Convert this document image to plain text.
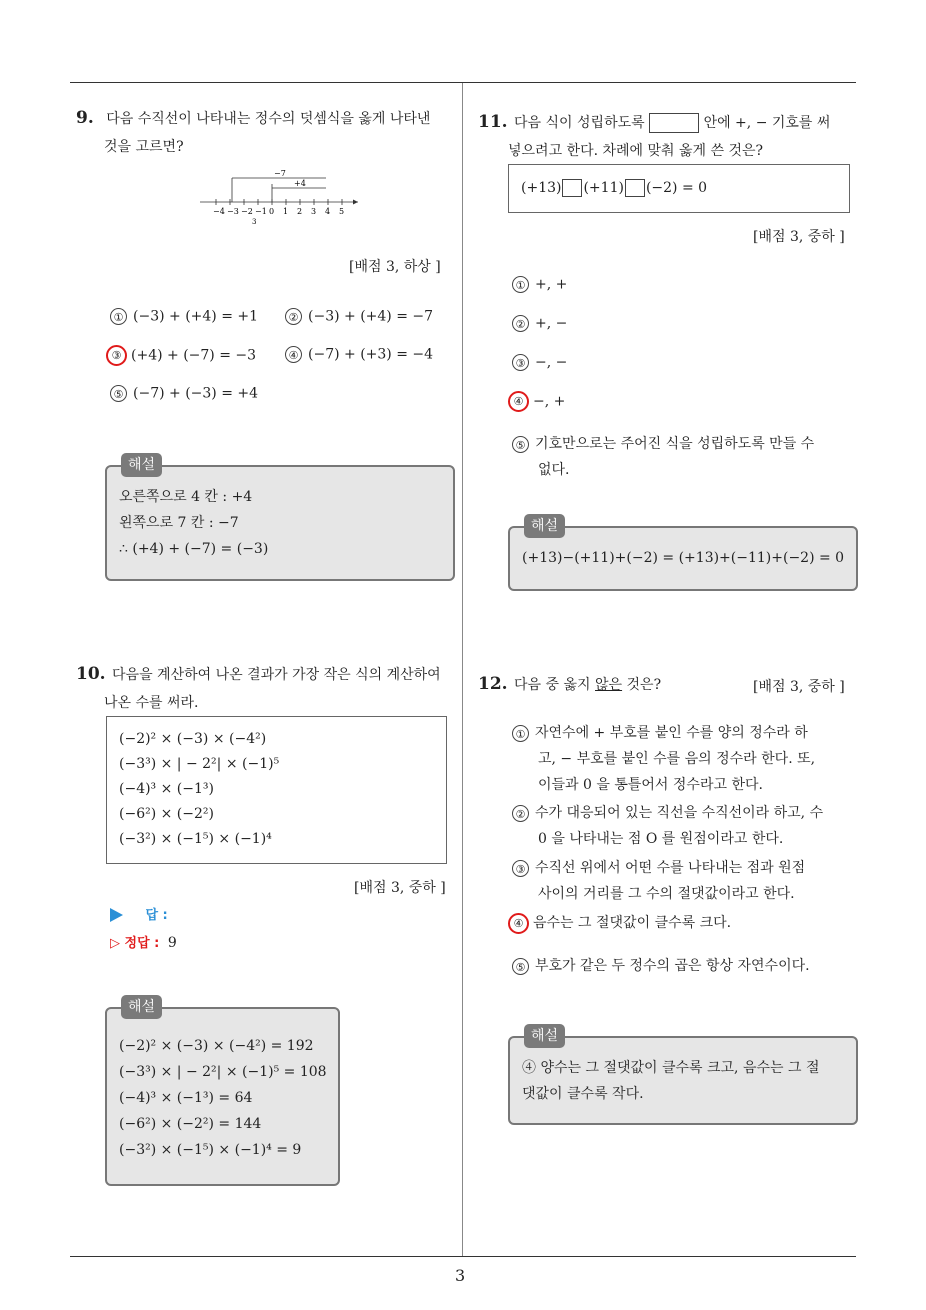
3
9. 다음 수직선이 나타내는 정수의 덧셈식을 옳게 나타낸
것을 고르면?
−7
+4
−4 −3 −2 −1 0 1 2 3 4 5
3
[배점 3, 하상 ]
① (−3) + (+4) = +1	② (−3) + (+4) = −7
③ (+4) + (−7) = −3	④ (−7) + (+3) = −4
⑤ (−7) + (−3) = +4
해설
오른쪽으로 4 칸 : +4
왼쪽으로 7 칸 : −7
∴ (+4) + (−7) = (−3)
10. 다음을 계산하여 나온 결과가 가장 작은 식의 계산하여
나온 수를 써라.
(−2)² × (−3) × (−4²)
(−3³) × | − 2²| × (−1)⁵
(−4)³ × (−1³)
(−6²) × (−2²)
(−3²) × (−1⁵) × (−1)⁴
[배점 3, 중하 ]
답 :
▷ 정답 : 9
해설
(−2)² × (−3) × (−4²) = 192
(−3³) × | − 2²| × (−1)⁵ = 108
(−4)³ × (−1³) = 64
(−6²) × (−2²) = 144
(−3²) × (−1⁵) × (−1)⁴ = 9
11. 다음 식이 성립하도록	안에 +, − 기호를 써
넣으려고 한다. 차례에 맞춰 옳게 쓴 것은?
(+13) (+11) (−2) = 0
[배점 3, 중하 ]
① +, +
② +, −
③ −, −
④ −, +
⑤ 기호만으로는 주어진 식을 성립하도록 만들 수
없다.
해설
(+13)−(+11)+(−2) = (+13)+(−11)+(−2) = 0
12. 다음 중 옳지 않은 것은?	[배점 3, 중하 ]
① 자연수에 + 부호를 붙인 수를 양의 정수라 하
고, − 부호를 붙인 수를 음의 정수라 한다. 또,
이들과 0 을 통틀어서 정수라고 한다.
② 수가 대응되어 있는 직선을 수직선이라 하고, 수
0 을 나타내는 점 O 를 원점이라고 한다.
③ 수직선 위에서 어떤 수를 나타내는 점과 원점
사이의 거리를 그 수의 절댓값이라고 한다.
④ 음수는 그 절댓값이 클수록 크다.
⑤ 부호가 같은 두 정수의 곱은 항상 자연수이다.
해설
④ 양수는 그 절댓값이 클수록 크고, 음수는 그 절
댓값이 클수록 작다.
